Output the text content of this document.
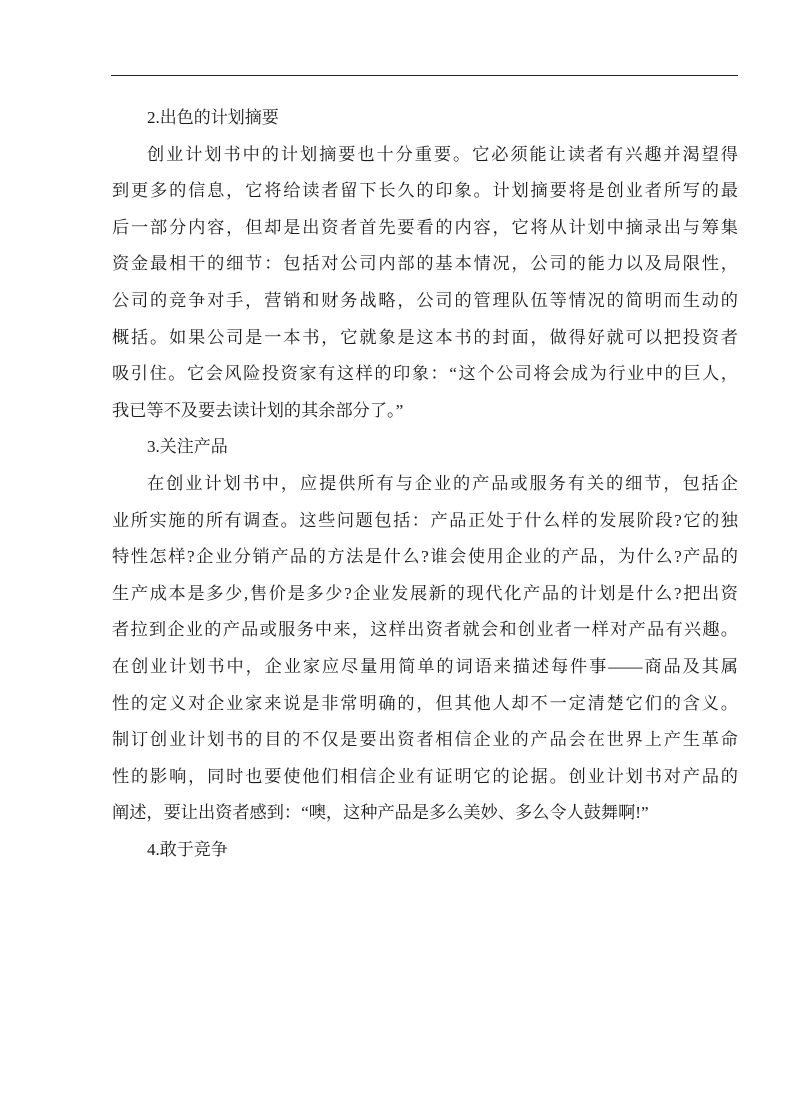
2.出色的计划摘要
创业计划书中的计划摘要也十分重要。它必须能让读者有兴趣并渴望得
到更多的信息，它将给读者留下长久的印象。计划摘要将是创业者所写的最
后一部分内容，但却是出资者首先要看的内容，它将从计划中摘录出与筹集
资金最相干的细节：包括对公司内部的基本情况，公司的能力以及局限性，
公司的竞争对手，营销和财务战略，公司的管理队伍等情况的简明而生动的
概括。如果公司是一本书，它就象是这本书的封面，做得好就可以把投资者
吸引住。它会风险投资家有这样的印象：“这个公司将会成为行业中的巨人，
我已等不及要去读计划的其余部分了。”
3.关注产品
在创业计划书中，应提供所有与企业的产品或服务有关的细节，包括企
业所实施的所有调查。这些问题包括：产品正处于什么样的发展阶段?它的独
特性怎样?企业分销产品的方法是什么?谁会使用企业的产品，为什么?产品的
生产成本是多少,售价是多少?企业发展新的现代化产品的计划是什么?把出资
者拉到企业的产品或服务中来，这样出资者就会和创业者一样对产品有兴趣。
在创业计划书中，企业家应尽量用简单的词语来描述每件事——商品及其属
性的定义对企业家来说是非常明确的，但其他人却不一定清楚它们的含义。
制订创业计划书的目的不仅是要出资者相信企业的产品会在世界上产生革命
性的影响，同时也要使他们相信企业有证明它的论据。创业计划书对产品的
阐述，要让出资者感到：“噢，这种产品是多么美妙、多么令人鼓舞啊!”
4.敢于竞争
